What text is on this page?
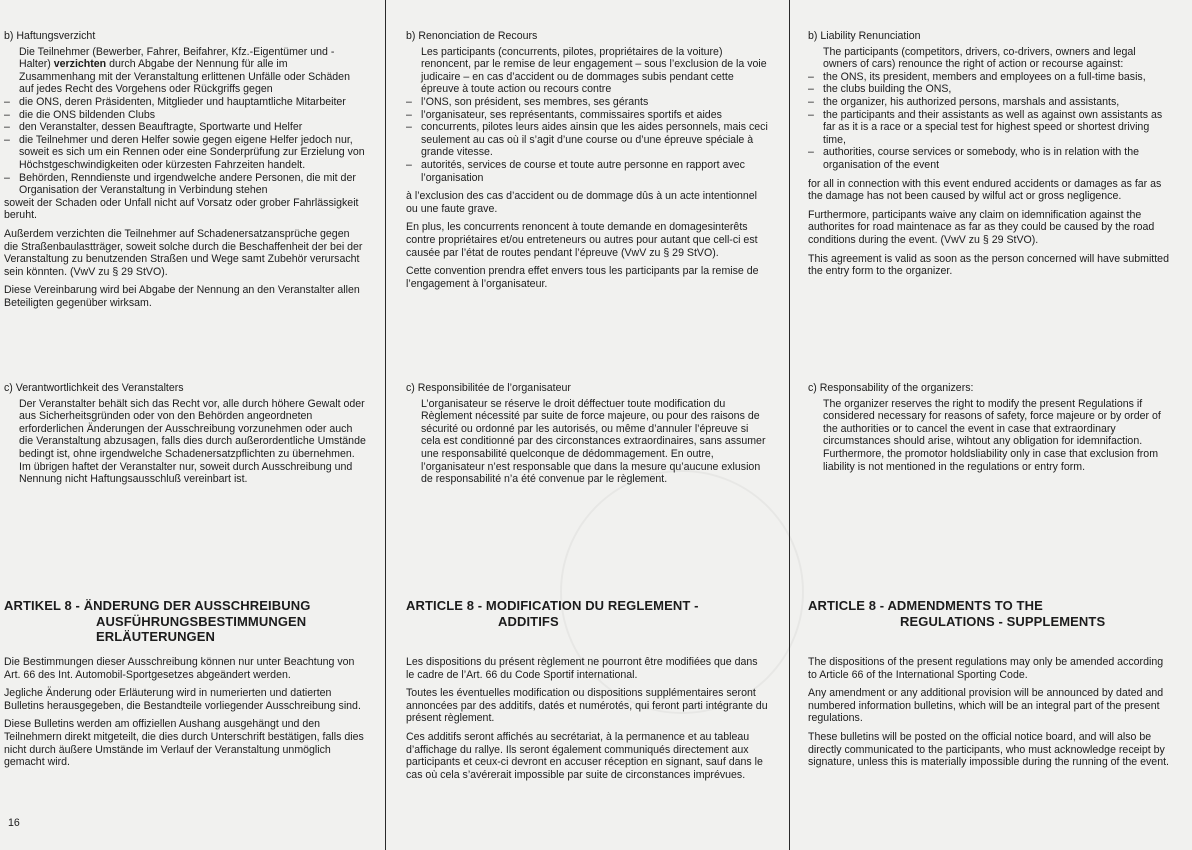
b) Haftungsverzicht

Die Teilnehmer (Bewerber, Fahrer, Beifahrer, Kfz.-Eigentümer und -Halter) verzichten durch Abgabe der Nennung für alle im Zusammenhang mit der Veranstaltung erlittenen Unfälle oder Schäden auf jedes Recht des Vorgehens oder Rückgriffs gegen

– die ONS, deren Präsidenten, Mitglieder und hauptamtliche Mitarbeiter
– die die ONS bildenden Clubs
– den Veranstalter, dessen Beauftragte, Sportwarte und Helfer
– die Teilnehmer und deren Helfer sowie gegen eigene Helfer jedoch nur, soweit es sich um ein Rennen oder eine Sonderprüfung zur Erzielung von Höchstgeschwindigkeiten oder kürzesten Fahrzeiten handelt.
– Behörden, Renndienste und irgendwelche andere Personen, die mit der Organisation der Veranstaltung in Verbindung stehen

soweit der Schaden oder Unfall nicht auf Vorsatz oder grober Fahrlässigkeit beruht.

Außerdem verzichten die Teilnehmer auf Schadenersatzansprüche gegen die Straßenbaulastträger, soweit solche durch die Beschaffenheit der bei der Veranstaltung zu benutzenden Straßen und Wege samt Zubehör verursacht sein könnten. (VwV zu § 29 StVO).

Diese Vereinbarung wird bei Abgabe der Nennung an den Veranstalter allen Beteiligten gegenüber wirksam.

c) Verantwortlichkeit des Veranstalters

Der Veranstalter behält sich das Recht vor, alle durch höhere Gewalt oder aus Sicherheitsgründen oder von den Behörden angeordneten erforderlichen Änderungen der Ausschreibung vorzunehmen oder auch die Veranstaltung abzusagen, falls dies durch außerordentliche Umstände bedingt ist, ohne irgendwelche Schadenersatzpflichten zu übernehmen. Im übrigen haftet der Veranstalter nur, soweit durch Ausschreibung und Nennung nicht Haftungsausschluß vereinbart ist.

ARTIKEL 8 - ÄNDERUNG DER AUSSCHREIBUNG
AUSFÜHRUNGSBESTIMMUNGEN
ERLÄUTERUNGEN

Die Bestimmungen dieser Ausschreibung können nur unter Beachtung von Art. 66 des Int. Automobil-Sportgesetzes abgeändert werden.

Jegliche Änderung oder Erläuterung wird in numerierten und datierten Bulletins herausgegeben, die Bestandteile vorliegender Ausschreibung sind.

Diese Bulletins werden am offiziellen Aushang ausgehängt und den Teilnehmern direkt mitgeteilt, die dies durch Unterschrift bestätigen, falls dies nicht durch äußere Umstände im Verlauf der Veranstaltung unmöglich gemacht wird.

16

b) Renonciation de Recours

Les participants (concurrents, pilotes, propriétaires de la voiture) renoncent, par le remise de leur engagement – sous l’exclusion de la voie judicaire – en cas d’accident ou de dommages subis pendant cette épreuve à toute action ou recours contre

– l’ONS, son président, ses membres, ses gérants
– l’organisateur, ses représentants, commissaires sportifs et aides
– concurrents, pilotes leurs aides ainsin que les aides personnels, mais ceci seulement au cas où il s’agit d’une course ou d’une épreuve spéciale à grande vitesse.
– autorités, services de course et toute autre personne en rapport avec l’organisation

à l’exclusion des cas d’accident ou de dommage dûs à un acte intentionnel ou une faute grave.

En plus, les concurrents renoncent à toute demande en domagesinterêts contre propriétaires et/ou entreteneurs ou autres pour autant que cell-ci est causée par l’état de routes pendant l’épreuve (VwV zu § 29 StVO).

Cette convention prendra effet envers tous les participants par la remise de l’engagement à l’organisateur.

c) Responsibilitée de l’organisateur

L’organisateur se réserve le droit déffectuer toute modification du Règlement nécessité par suite de force majeure, ou pour des raisons de sécurité ou ordonné par les autorisés, ou même d’annuler l’épreuve si cela est conditionné par des circonstances extraordinaires, sans assumer une responsabilité quelconque de dédommagement. En outre, l’organisateur n’est responsable que dans la mesure qu’aucune exlusion de responsabilité n’a été convenue par le règlement.

ARTICLE 8 - MODIFICATION DU REGLEMENT -
ADDITIFS

Les dispositions du présent règlement ne pourront être modifiées que dans le cadre de l’Art. 66 du Code Sportif international.

Toutes les éventuelles modification ou dispositions supplémentaires seront annoncées par des additifs, datés et numérotés, qui feront parti intégrante du présent règlement.

Ces additifs seront affichés au secrétariat, à la permanence et au tableau d’affichage du rallye. Ils seront également communiqués directement aux participants et ceux-ci devront en accuser réception en signant, sauf dans le cas où cela s’avérerait impossible par suite de circonstances imprévues.

b) Liability Renunciation

The participants (competitors, drivers, co-drivers, owners and legal owners of cars) renounce the right of action or recourse against:

– the ONS, its president, members and employees on a full-time basis,
– the clubs building the ONS,
– the organizer, his authorized persons, marshals and assistants,
– the participants and their assistants as well as against own assistants as far as it is a race or a special test for highest speed or shortest driving time,
– authorities, course services or somebody, who is in relation with the organisation of the event

for all in connection with this event endured accidents or damages as far as the damage has not been caused by wilful act or gross negligence.

Furthermore, participants waive any claim on idemnification against the authorites for road maintenace as far as they could be caused by the road conditions during the event. (VwV zu § 29 StVO).

This agreement is valid as soon as the person concerned will have submitted the entry form to the organizer.

c) Responsability of the organizers:

The organizer reserves the right to modify the present Regulations if considered necessary for reasons of safety, force majeure or by order of the authorities or to cancel the event in case that extraordinary circumstances should arise, wihtout any obligation for idemnifaction. Furthermore, the promotor holdsliability only in case that exclusion from liability is not mentioned in the regulations or entry form.

ARTICLE 8 - ADMENDMENTS TO THE
REGULATIONS - SUPPLEMENTS

The dispositions of the present regulations may only be amended according to Article 66 of the International Sporting Code.

Any amendment or any additional provision will be announced by dated and numbered information bulletins, which will be an integral part of the present regulations.

These bulletins will be posted on the official notice board, and will also be directly communicated to the participants, who must acknowledge receipt by signature, unless this is materially impossible during the running of the event.
